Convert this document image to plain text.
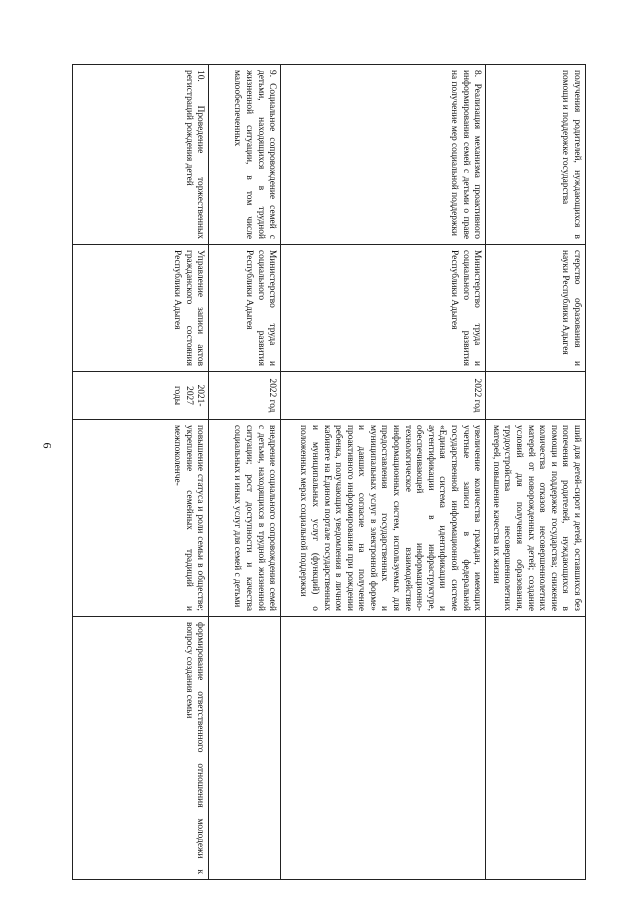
6
получения родителей, нуждающихся в помощи и поддержке государства	стерство образования и науки Республики Адыгея		ший для детей-сирот и детей, оставшихся без попечения родителей, нуждающихся в помощи и поддержке государства; снижение количества отказов несовершеннолетних матерей от новорожденных детей; создание условий для получения образования, трудоустройства несовершеннолетних матерей, повышение качества их жизни	
8. Реализация механизма проактивного информирования семей с детьми о праве на получение мер социальной поддержки	Министерство труда и социального развития Республики Адыгея	2022 год	увеличение количества граждан, имеющих учетные записи в федеральной государственной информационной системе «Единая система идентификации и аутентификации в инфраструктуре, обеспечивающей информационно-технологическое взаимодействие информационных систем, используемых для предоставления государственных и муниципальных услуг в электронной форме» и давших согласие на получение проактивного информирования при рождении ребенка, получающих уведомления в личном кабинете на Едином портале государственных и муниципальных услуг (функций) о положенных мерах социальной поддержки	
9. Социальное сопровождение семей с детьми, находящихся в трудной жизненной ситуации, в том числе малообеспеченных	Министерство труда и социального развития Республики Адыгея	2022 год	внедрение социального сопровождения семей с детьми, находящихся в трудной жизненной ситуации; рост доступности и качества социальных и иных услуг для семей с детьми	
10. Проведение торжественных регистраций рождения детей	Управление записи актов гражданского состояния Республики Адыгея	2021-2027 годы	повышение статуса и роли семьи в обществе; укрепление семейных традиций и межпоколенче-	формирование ответственного отношения молодежи к вопросу создания семьи
